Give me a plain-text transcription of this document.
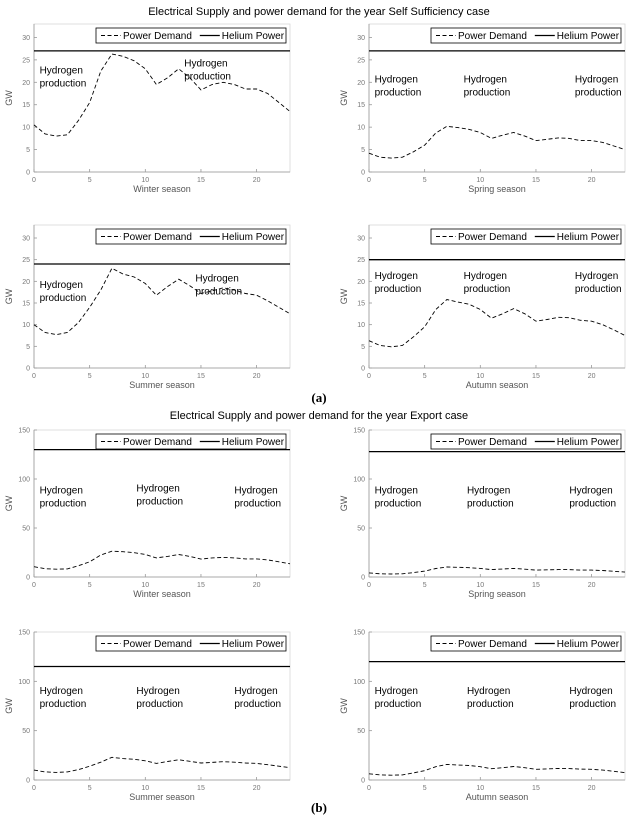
Electrical Supply and power demand for the year Self Sufficiency case
(a)
Electrical Supply and power demand for the year Export case
(b)
0	5	10	15	20
0
5
10
15
20
25
30
Winter season
GW
Power Demand	Helium Power
Hydrogen production
Hydrogen production
0	5	10	15	20
0
5
10
15
20
25
30
Spring season
GW
Power Demand	Helium Power
Hydrogen production
Hydrogen production
Hydrogen production
0	5	10	15	20
0
5
10
15
20
25
30
Summer season
GW
Power Demand	Helium Power
Hydrogen production
Hydrogen production
0	5	10	15	20
0
5
10
15
20
25
30
Autumn season
GW
Power Demand	Helium Power
Hydrogen production
Hydrogen production
Hydrogen production
0	5	10	15	20
0
50
100
150
Winter season
GW
Power Demand	Helium Power
Hydrogen production
Hydrogen production
Hydrogen production
0	5	10	15	20
0
50
100
150
Spring season
GW
Power Demand	Helium Power
Hydrogen production
Hydrogen production
Hydrogen production
0	5	10	15	20
0
50
100
150
Summer season
GW
Power Demand	Helium Power
Hydrogen production
Hydrogen production
Hydrogen production
0	5	10	15	20
0
50
100
150
Autumn season
GW
Power Demand	Helium Power
Hydrogen production
Hydrogen production
Hydrogen production
